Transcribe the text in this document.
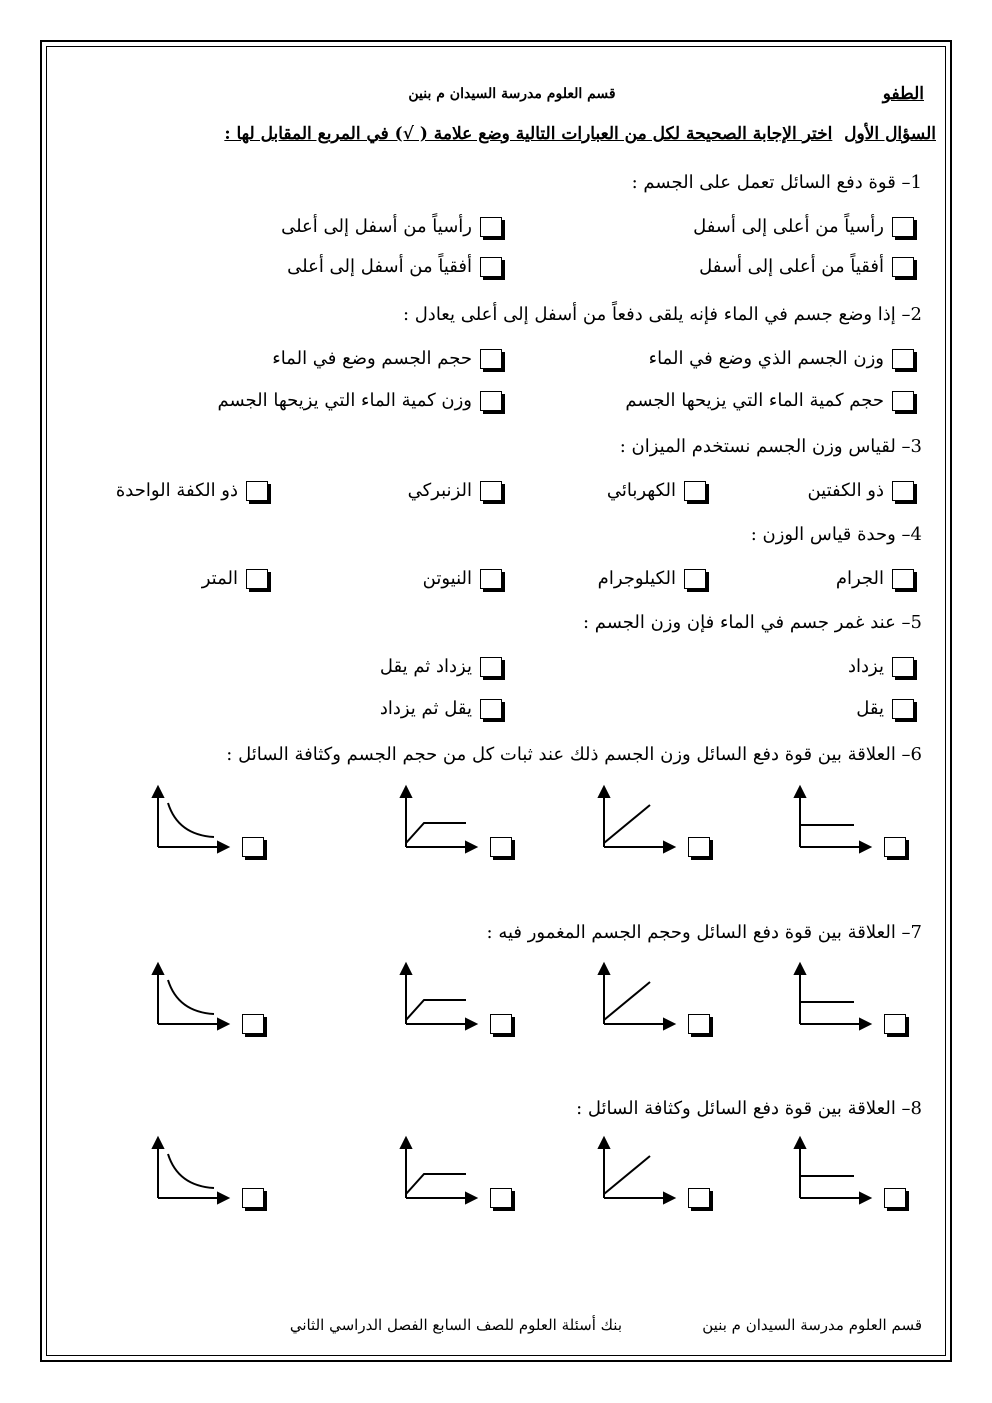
قسم العلوم مدرسة السيدان م بنين	الطفو
السؤال الأول  اختر الإجابة الصحيحة لكل من العبارات التالية وضع علامة ( √) في المربع المقابل لها :
1– قوة دفع السائل تعمل على الجسم :
رأسياً من أعلى إلى أسفل
رأسياً من أسفل إلى أعلى
أفقياً من أعلى إلى أسفل
أفقياً من أسفل إلى أعلى
2– إذا وضع جسم في الماء فإنه يلقى دفعاً من أسفل إلى أعلى يعادل :
وزن الجسم الذي وضع في الماء
حجم الجسم وضع في الماء
حجم كمية الماء التي يزيحها الجسم
وزن كمية الماء التي يزيحها الجسم
3– لقياس وزن الجسم نستخدم الميزان :
ذو الكفتين
الكهربائي
الزنبركي
ذو الكفة الواحدة
4– وحدة قياس الوزن :
الجرام
الكيلوجرام
النيوتن
المتر
5– عند غمر جسم في الماء فإن وزن الجسم :
يزداد
يزداد ثم يقل
يقل
يقل ثم يزداد
6– العلاقة بين قوة دفع السائل وزن الجسم ذلك عند ثبات كل من حجم الجسم وكثافة السائل :
7– العلاقة بين قوة دفع السائل وحجم الجسم المغمور فيه :
8– العلاقة بين قوة دفع السائل وكثافة السائل :
قسم العلوم مدرسة السيدان م بنين
بنك أسئلة العلوم للصف السابع الفصل الدراسي الثاني
